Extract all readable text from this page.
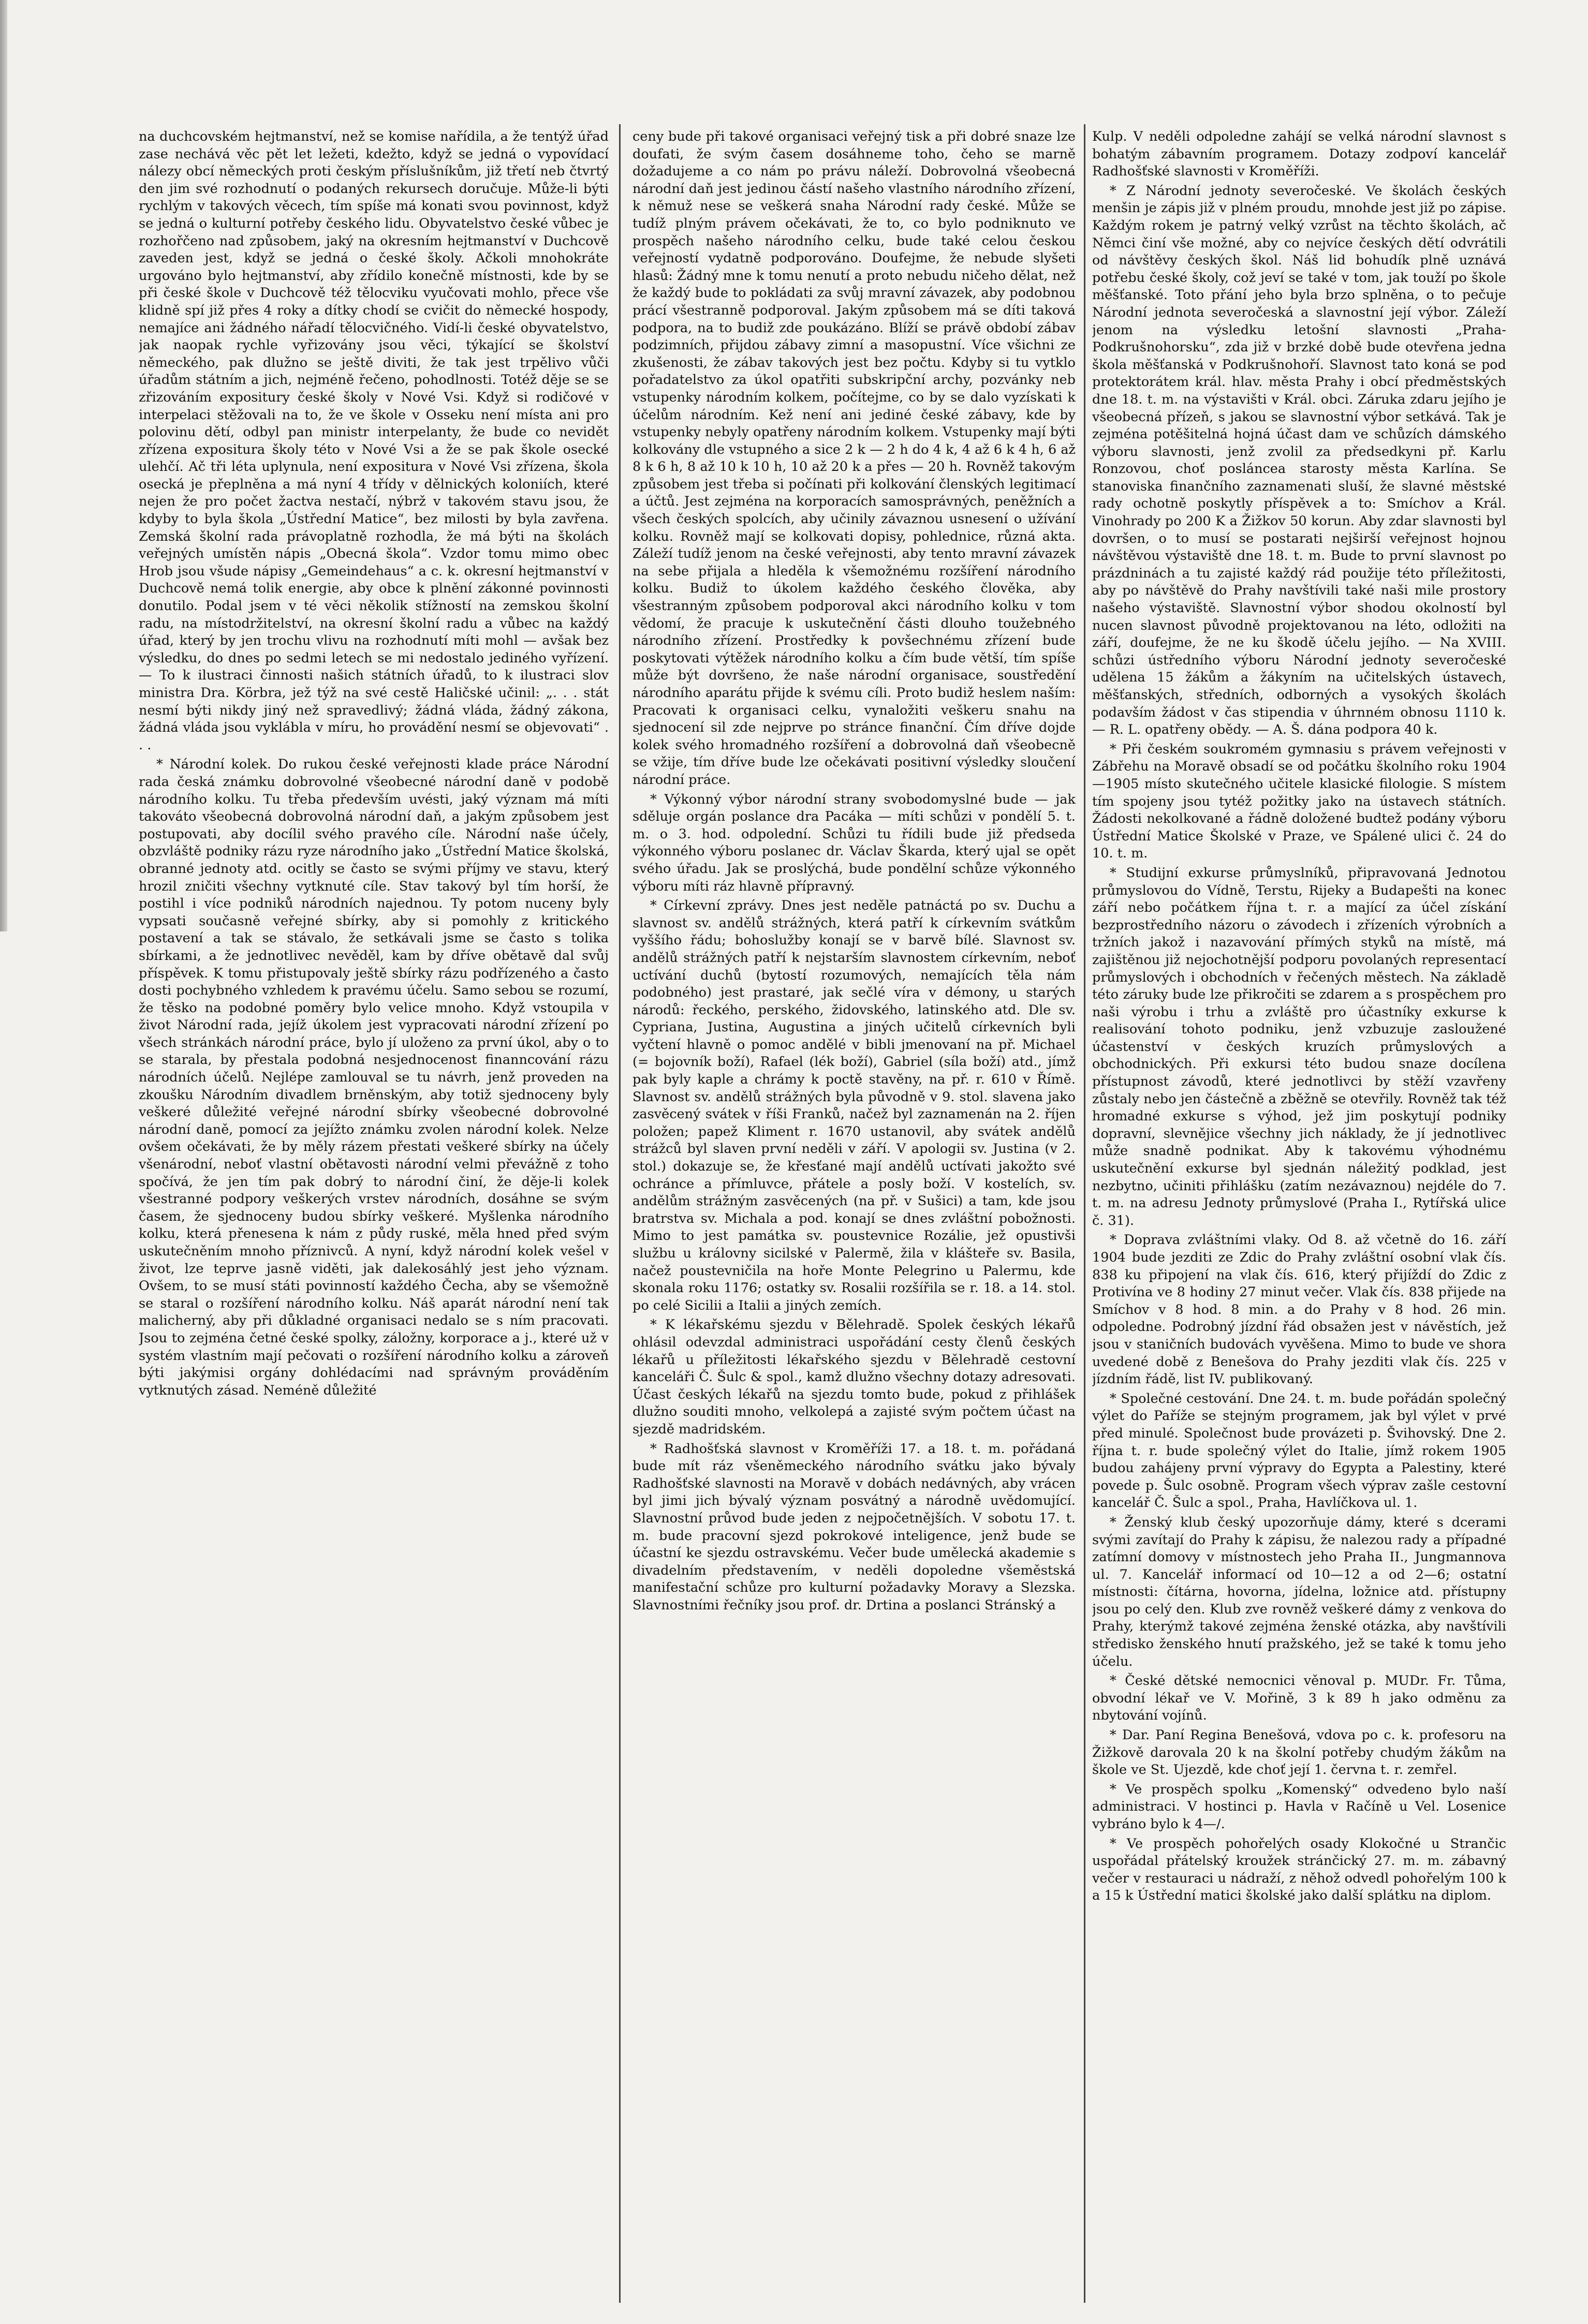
na duchcovském hejtmanství, než se komise nařídila, a že tentýž úřad zase nechává věc pět let ležeti, kdežto, když se jedná o vypovídací nálezy obcí německých proti českým příslušníkům, již třetí neb čtvrtý den jim své rozhodnutí o podaných rekursech doručuje. Může-li býti rychlým v takových věcech, tím spíše má konati svou povinnost, když se jedná o kulturní potřeby českého lidu. Obyvatelstvo české vůbec je rozhořčeno nad způsobem, jaký na okresním hejtmanství v Duchcově zaveden jest, když se jedná o české školy. Ačkoli mnohokráte urgováno bylo hejtmanství, aby zřídilo konečně místnosti, kde by se při české škole v Duchcově též tělocviku vyučovati mohlo, přece vše klidně spí již přes 4 roky a dítky chodí se cvičit do německé hospody, nemajíce ani žádného nářadí tělocvičného. Vidí-li české obyvatelstvo, jak naopak rychle vyřizovány jsou věci, týkající se školství německého, pak dlužno se ještě diviti, že tak jest trpělivo vůči úřadům státním a jich, nejméně řečeno, pohodlnosti. Totéž děje se se zřizováním expositury české školy v Nové Vsi. Když si rodičové v interpelaci stěžovali na to, že ve škole v Osseku není místa ani pro polovinu dětí, odbyl pan ministr interpelanty, že bude co nevidět zřízena expositura školy této v Nové Vsi a že se pak škole osecké ulehčí. Ač tři léta uplynula, není expositura v Nové Vsi zřízena, škola osecká je přeplněna a má nyní 4 třídy v dělnických koloniích, které nejen že pro počet žactva nestačí, nýbrž v takovém stavu jsou, že kdyby to byla škola „Ústřední Matice“, bez milosti by byla zavřena. Zemská školní rada právoplatně rozhodla, že má býti na školách veřejných umístěn nápis „Obecná škola“. Vzdor tomu mimo obec Hrob jsou všude nápisy „Gemeindehaus“ a c. k. okresní hejtmanství v Duchcově nemá tolik energie, aby obce k plnění zákonné povinnosti donutilo. Podal jsem v té věci několik stížností na zemskou školní radu, na místodržitelství, na okresní školní radu a vůbec na každý úřad, který by jen trochu vlivu na rozhodnutí míti mohl — avšak bez výsledku, do dnes po sedmi letech se mi nedostalo jediného vyřízení. — To k ilustraci činnosti našich státních úřadů, to k ilustraci slov ministra Dra. Körbra, jež týž na své cestě Haličské učinil: „. . . stát nesmí býti nikdy jiný než spravedlivý; žádná vláda, žádný zákona, žádná vláda jsou vyklábla v míru, ho provádění nesmí se objevovati“ . . .

* Národní kolek. Do rukou české veřejnosti klade práce Národní rada česká známku dobrovolné všeobecné národní daně v podobě národního kolku. Tu třeba především uvésti, jaký význam má míti takováto všeobecná dobrovolná národní daň, a jakým způsobem jest postupovati, aby docílil svého pravého cíle. Národní naše účely, obzvláště podniky rázu ryze národního jako „Ústřední Matice školská, obranné jednoty atd. ocitly se často se svými příjmy ve stavu, který hrozil zničiti všechny vytknuté cíle. Stav takový byl tím horší, že postihl i více podniků národních najednou. Ty potom nuceny byly vypsati současně veřejné sbírky, aby si pomohly z kritického postavení a tak se stávalo, že setkávali jsme se často s tolika sbírkami, a že jednotlivec nevěděl, kam by dříve obětavě dal svůj příspěvek. K tomu přistupovaly ještě sbírky rázu podřízeného a často dosti pochybného vzhledem k pravému účelu. Samo sebou se rozumí, že těsko na podobné poměry bylo velice mnoho. Když vstoupila v život Národní rada, jejíž úkolem jest vypracovati národní zřízení po všech stránkách národní práce, bylo jí uloženo za první úkol, aby o to se starala, by přestala podobná nesjednocenost finanncování rázu národních účelů. Nejlépe zamlouval se tu návrh, jenž proveden na zkoušku Národním divadlem brněnským, aby totiž sjednoceny byly veškeré důležité veřejné národní sbírky všeobecné dobrovolné národní daně, pomocí za jejížto známku zvolen národní kolek. Nelze ovšem očekávati, že by měly rázem přestati veškeré sbírky na účely všenárodní, neboť vlastní obětavosti národní velmi převážně z toho spočívá, že jen tím pak dobrý to národní činí, že děje-li kolek všestranné podpory veškerých vrstev národních, dosáhne se svým časem, že sjednoceny budou sbírky veškeré. Myšlenka národního kolku, která přenesena k nám z půdy ruské, měla hned před svým uskutečněním mnoho příznivců. A nyní, když národní kolek vešel v život, lze teprve jasně viděti, jak dalekosáhlý jest jeho význam. Ovšem, to se musí státi povinností každého Čecha, aby se všemožně se staral o rozšíření národního kolku. Náš aparát národní není tak malicherný, aby při důkladné organisaci nedalo se s ním pracovati. Jsou to zejména četné české spolky, záložny, korporace a j., které už v systém vlastním mají pečovati o rozšíření národního kolku a zároveň býti jakýmisi orgány dohlédacími nad správným prováděním vytknutých zásad. Neméně důležité

ceny bude při takové organisaci veřejný tisk a při dobré snaze lze doufati, že svým časem dosáhneme toho, čeho se marně dožadujeme a co nám po právu náleží. Dobrovolná všeobecná národní daň jest jedinou částí našeho vlastního národního zřízení, k němuž nese se veškerá snaha Národní rady české. Může se tudíž plným právem očekávati, že to, co bylo podniknuto ve prospěch našeho národního celku, bude také celou českou veřejností vydatně podporováno. Doufejme, že nebude slyšeti hlasů: Žádný mne k tomu nenutí a proto nebudu ničeho dělat, než že každý bude to pokládati za svůj mravní závazek, aby podobnou prácí všestranně podporoval. Jakým způsobem má se díti taková podpora, na to budiž zde poukázáno. Blíží se právě období zábav podzimních, přijdou zábavy zimní a masopustní. Více všichni ze zkušenosti, že zábav takových jest bez počtu. Kdyby si tu vytklo pořadatelstvo za úkol opatřiti subskripční archy, pozvánky neb vstupenky národním kolkem, počítejme, co by se dalo vyzískati k účelům národním. Kež není ani jediné české zábavy, kde by vstupenky nebyly opatřeny národním kolkem. Vstupenky mají býti kolkovány dle vstupného a sice 2 k — 2 h do 4 k, 4 až 6 k 4 h, 6 až 8 k 6 h, 8 až 10 k 10 h, 10 až 20 k a přes — 20 h. Rovněž takovým způsobem jest třeba si počínati při kolkování členských legitimací a účtů. Jest zejména na korporacích samosprávných, peněžních a všech českých spolcích, aby učinily závaznou usnesení o užívání kolku. Rovněž mají se kolkovati dopisy, pohlednice, různá akta. Záleží tudíž jenom na české veřejnosti, aby tento mravní závazek na sebe přijala a hleděla k všemožnému rozšíření národního kolku. Budiž to úkolem každého českého člověka, aby všestranným způsobem podporoval akci národního kolku v tom vědomí, že pracuje k uskutečnění části dlouho toužebného národního zřízení. Prostředky k povšechnému zřízení bude poskytovati výtěžek národního kolku a čím bude větší, tím spíše může být dovršeno, že naše národní organisace, soustředění národního aparátu přijde k svému cíli. Proto budiž heslem naším: Pracovati k organisaci celku, vynaložiti veškeru snahu na sjednocení sil zde nejprve po stránce finanční. Čím dříve dojde kolek svého hromadného rozšíření a dobrovolná daň všeobecně se vžije, tím dříve bude lze očekávati positivní výsledky sloučení národní práce.

* Výkonný výbor národní strany svobodomyslné bude — jak sděluje orgán poslance dra Pacáka — míti schůzi v pondělí 5. t. m. o 3. hod. odpolední. Schůzi tu řídili bude již předseda výkonného výboru poslanec dr. Václav Škarda, který ujal se opět svého úřadu. Jak se proslýchá, bude pondělní schůze výkonného výboru míti ráz hlavně přípravný.

* Církevní zprávy. Dnes jest neděle patnáctá po sv. Duchu a slavnost sv. andělů strážných, která patří k církevním svátkům vyššího řádu; bohoslužby konají se v barvě bílé. Slavnost sv. andělů strážných patří k nejstarším slavnostem církevním, neboť uctívání duchů (bytostí rozumových, nemajících těla nám podobného) jest prastaré, jak sečlé víra v démony, u starých národů: řeckého, perského, židovského, latinského atd. Dle sv. Cypriana, Justina, Augustina a jiných učitelů církevních byli vyčtení hlavně o pomoc andělé v bibli jmenovaní na př. Michael (= bojovník boží), Rafael (lék boží), Gabriel (síla boží) atd., jímž pak byly kaple a chrámy k poctě stavěny, na př. r. 610 v Římě. Slavnost sv. andělů strážných byla původně v 9. stol. slavena jako zasvěcený svátek v říši Franků, načež byl zaznamenán na 2. říjen položen; papež Kliment r. 1670 ustanovil, aby svátek andělů strážců byl slaven první neděli v září. V apologii sv. Justina (v 2. stol.) dokazuje se, že křesťané mají andělů uctívati jakožto své ochránce a přímluvce, přátele a posly boží. V kostelích, sv. andělům strážným zasvěcených (na př. v Sušici) a tam, kde jsou bratrstva sv. Michala a pod. konají se dnes zvláštní pobožnosti. Mimo to jest památka sv. poustevnice Rozálie, jež opustivši službu u královny sicilské v Palermě, žila v klášteře sv. Basila, načež poustevničila na hoře Monte Pelegrino u Palermu, kde skonala roku 1176; ostatky sv. Rosalii rozšířila se r. 18. a 14. stol. po celé Sicilii a Italii a jiných zemích.

* K lékařskému sjezdu v Bělehradě. Spolek českých lékařů ohlásil odevzdal administraci uspořádání cesty členů českých lékařů u příležitosti lékařského sjezdu v Bělehradě cestovní kanceláři Č. Šulc & spol., kamž dlužno všechny dotazy adresovati. Účast českých lékařů na sjezdu tomto bude, pokud z přihlášek dlužno souditi mnoho, velkolepá a zajisté svým počtem účast na sjezdě madridském.

* Radhošťská slavnost v Kroměříži 17. a 18. t. m. pořádaná bude mít ráz všeněmeckého národního svátku jako bývaly Radhošťské slavnosti na Moravě v dobách nedávných, aby vrácen byl jimi jich bývalý význam posvátný a národně uvědomující. Slavnostní průvod bude jeden z nejpočetnějších. V sobotu 17. t. m. bude pracovní sjezd pokrokové inteligence, jenž bude se účastní ke sjezdu ostravskému. Večer bude umělecká akademie s divadelním představením, v neděli dopoledne všeměstská manifestační schůze pro kulturní požadavky Moravy a Slezska. Slavnostními řečníky jsou prof. dr. Drtina a poslanci Stránský a

Kulp. V neděli odpoledne zahájí se velká národní slavnost s bohatým zábavním programem. Dotazy zodpoví kancelář Radhošťské slavnosti v Kroměříži.

* Z Národní jednoty severočeské. Ve školách českých menšin je zápis již v plném proudu, mnohde jest již po zápise. Každým rokem je patrný velký vzrůst na těchto školách, ač Němci činí vše možné, aby co nejvíce českých dětí odvrátili od návštěvy českých škol. Náš lid bohudík plně uznává potřebu české školy, což jeví se také v tom, jak touží po škole měšťanské. Toto přání jeho byla brzo splněna, o to pečuje Národní jednota severočeská a slavnostní její výbor. Záleží jenom na výsledku letošní slavnosti „Praha-Podkrušnohorsku“, zda již v brzké době bude otevřena jedna škola měšťanská v Podkrušnohoří. Slavnost tato koná se pod protektorátem král. hlav. města Prahy i obcí předměstských dne 18. t. m. na výstavišti v Král. obci. Záruka zdaru jejího je všeobecná přízeň, s jakou se slavnostní výbor setkává. Tak je zejména potěšitelná hojná účast dam ve schůzích dámského výboru slavnosti, jenž zvolil za předsedkyni př. Karlu Ronzovou, choť posláncea starosty města Karlína. Se stanoviska finančního zaznamenati sluší, že slavné městské rady ochotně poskytly příspěvek a to: Smíchov a Král. Vinohrady po 200 K a Žižkov 50 korun. Aby zdar slavnosti byl dovršen, o to musí se postarati nejširší veřejnost hojnou návštěvou výstaviště dne 18. t. m. Bude to první slavnost po prázdninách a tu zajisté každý rád použije této příležitosti, aby po návštěvě do Prahy navštívili také naši mile prostory našeho výstaviště. Slavnostní výbor shodou okolností byl nucen slavnost původně projektovanou na léto, odložiti na září, doufejme, že ne ku škodě účelu jejího. — Na XVIII. schůzi ústředního výboru Národní jednoty severočeské udělena 15 žákům a žákyním na učitelských ústavech, měšťanských, středních, odborných a vysokých školách podavším žádost v čas stipendia v úhrnném obnosu 1110 k. — R. L. opatřeny obědy. — A. Š. dána podpora 40 k.

* Při českém soukromém gymnasiu s právem veřejnosti v Zábřehu na Moravě obsadí se od počátku školního roku 1904—1905 místo skutečného učitele klasické filologie. S místem tím spojeny jsou tytéž požitky jako na ústavech státních. Žádosti nekolkované a řádně doložené budtež podány výboru Ústřední Matice Školské v Praze, ve Spálené ulici č. 24 do 10. t. m.

* Studijní exkurse průmyslníků, připravovaná Jednotou průmyslovou do Vídně, Terstu, Rijeky a Budapešti na konec září nebo počátkem října t. r. a mající za účel získání bezprostředního názoru o závodech i zřízeních výrobních a tržních jakož i nazavování přímých styků na místě, má zajištěnou již nejochotnější podporu povolaných representací průmyslových i obchodních v řečených městech. Na základě této záruky bude lze přikročiti se zdarem a s prospěchem pro naši výrobu i trhu a zvláště pro účastníky exkurse k realisování tohoto podniku, jenž vzbuzuje zasloužené účastenství v českých kruzích průmyslových a obchodnických. Při exkursi této budou snaze docílena přístupnost závodů, které jednotlivci by stěží vzavřeny zůstaly nebo jen částečně a zběžně se otevřily. Rovněž tak též hromadné exkurse s výhod, jež jim poskytují podniky dopravní, slevnějice všechny jich náklady, že jí jednotlivec může snadně podnikat. Aby k takovému výhodnému uskutečnění exkurse byl sjednán náležitý podklad, jest nezbytno, učiniti přihlášku (zatím nezávaznou) nejdéle do 7. t. m. na adresu Jednoty průmyslové (Praha I., Rytířská ulice č. 31).

* Doprava zvláštními vlaky. Od 8. až včetně do 16. září 1904 bude jezditi ze Zdic do Prahy zvláštní osobní vlak čís. 838 ku připojení na vlak čís. 616, který přijíždí do Zdic z Protivína ve 8 hodiny 27 minut večer. Vlak čís. 838 přijede na Smíchov v 8 hod. 8 min. a do Prahy v 8 hod. 26 min. odpoledne. Podrobný jízdní řád obsažen jest v návěstích, jež jsou v staničních budovách vyvěšena. Mimo to bude ve shora uvedené době z Benešova do Prahy jezditi vlak čís. 225 v jízdním řádě, list IV. publikovaný.

* Společné cestování. Dne 24. t. m. bude pořádán společný výlet do Paříže se stejným programem, jak byl výlet v prvé před minulé. Společnost bude provázeti p. Švihovský. Dne 2. října t. r. bude společný výlet do Italie, jímž rokem 1905 budou zahájeny první výpravy do Egypta a Palestiny, které povede p. Šulc osobně. Program všech výprav zašle cestovní kancelář Č. Šulc a spol., Praha, Havlíčkova ul. 1.

* Ženský klub český upozorňuje dámy, které s dcerami svými zavítají do Prahy k zápisu, že nalezou rady a případné zatímní domovy v místnostech jeho Praha II., Jungmannova ul. 7. Kancelář informací od 10—12 a od 2—6; ostatní místnosti: čítárna, hovorna, jídelna, ložnice atd. přístupny jsou po celý den. Klub zve rovněž veškeré dámy z venkova do Prahy, kterýmž takové zejména ženské otázka, aby navštívili středisko ženského hnutí pražského, jež se také k tomu jeho účelu.

* České dětské nemocnici věnoval p. MUDr. Fr. Tůma, obvodní lékař ve V. Mořině, 3 k 89 h jako odměnu za nbytování vojínů.

* Dar. Paní Regina Benešová, vdova po c. k. profesoru na Žižkově darovala 20 k na školní potřeby chudým žákům na škole ve St. Ujezdě, kde choť její 1. června t. r. zemřel.

* Ve prospěch spolku „Komenský“ odvedeno bylo naší administraci. V hostinci p. Havla v Račíně u Vel. Losenice vybráno bylo k 4—/.

* Ve prospěch pohořelých osady Klokočné u Strančic uspořádal přátelský kroužek stránčický 27. m. m. zábavný večer v restauraci u nádraží, z něhož odvedl pohořelým 100 k a 15 k Ústřední matici školské jako další splátku na diplom.
